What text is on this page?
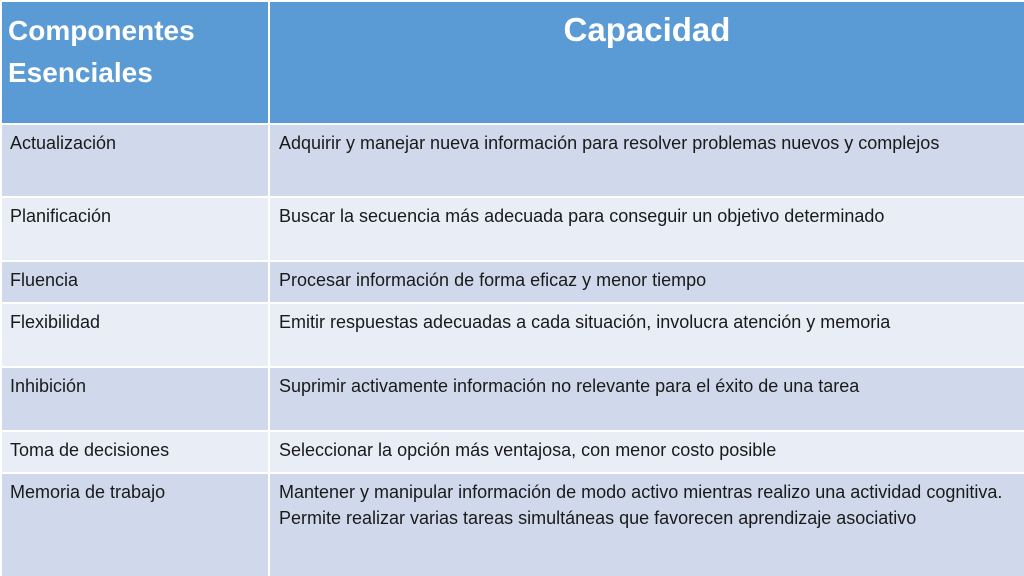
Componentes Esenciales	Capacidad
Actualización	Adquirir y manejar nueva información para resolver problemas nuevos y complejos
Planificación	Buscar la secuencia más adecuada para conseguir un objetivo determinado
Fluencia	Procesar información de forma eficaz y menor tiempo
Flexibilidad	Emitir respuestas adecuadas a cada situación, involucra atención y memoria
Inhibición	Suprimir activamente información no relevante para el éxito de una tarea
Toma de decisiones	Seleccionar la opción más ventajosa, con menor costo posible
Memoria de trabajo	Mantener y manipular información de modo activo mientras realizo una actividad cognitiva. Permite realizar varias tareas simultáneas que favorecen aprendizaje asociativo
